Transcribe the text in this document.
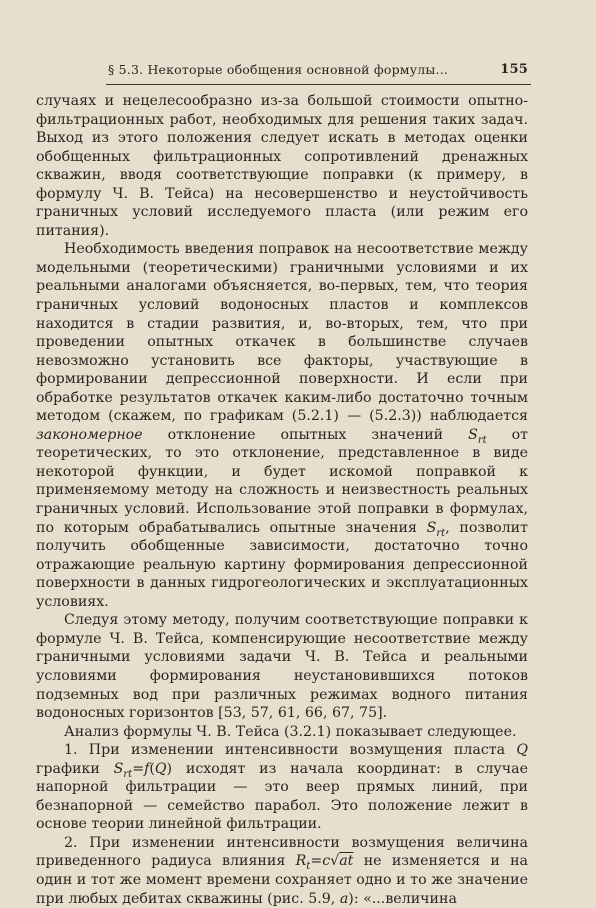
§ 5.3. Некоторые обобщения основной формулы...	155

случаях и нецелесообразно из-за большой стоимости опытно-фильтрационных работ, необходимых для решения таких задач. Выход из этого положения следует искать в методах оценки обобщенных фильтрационных сопротивлений дренажных скважин, вводя соответствующие поправки (к примеру, в формулу Ч. В. Тейса) на несовершенство и неустойчивость граничных условий исследуемого пласта (или режим его питания).

Необходимость введения поправок на несоответствие между модельными (теоретическими) граничными условиями и их реальными аналогами объясняется, во-первых, тем, что теория граничных условий водоносных пластов и комплексов находится в стадии развития, и, во-вторых, тем, что при проведении опытных откачек в большинстве случаев невозможно установить все факторы, участвующие в формировании депрессионной поверхности. И если при обработке результатов откачек каким-либо достаточно точным методом (скажем, по графикам (5.2.1) — (5.2.3)) наблюдается закономерное отклонение опытных значений $S_{rt}$ от теоретических, то это отклонение, представленное в виде некоторой функции, и будет искомой поправкой к применяемому методу на сложность и неизвестность реальных граничных условий. Использование этой поправки в формулах, по которым обрабатывались опытные значения $S_{rt}$, позволит получить обобщенные зависимости, достаточно точно отражающие реальную картину формирования депрессионной поверхности в данных гидрогеологических и эксплуатационных условиях.

Следуя этому методу, получим соответствующие поправки к формуле Ч. В. Тейса, компенсирующие несоответствие между граничными условиями задачи Ч. В. Тейса и реальными условиями формирования неустановившихся потоков подземных вод при различных режимах водного питания водоносных горизонтов [53, 57, 61, 66, 67, 75].

Анализ формулы Ч. В. Тейса (3.2.1) показывает следующее.

1. При изменении интенсивности возмущения пласта Q графики $S_{rt}=f(Q)$ исходят из начала координат: в случае напорной фильтрации — это веер прямых линий, при безнапорной — семейство парабол. Это положение лежит в основе теории линейной фильтрации.

2. При изменении интенсивности возмущения величина приведенного радиуса влияния $R_t=c√at$ не изменяется и на один и тот же момент времени сохраняет одно и то же значение при любых дебитах скважины (рис. 5.9, а): «...величина
